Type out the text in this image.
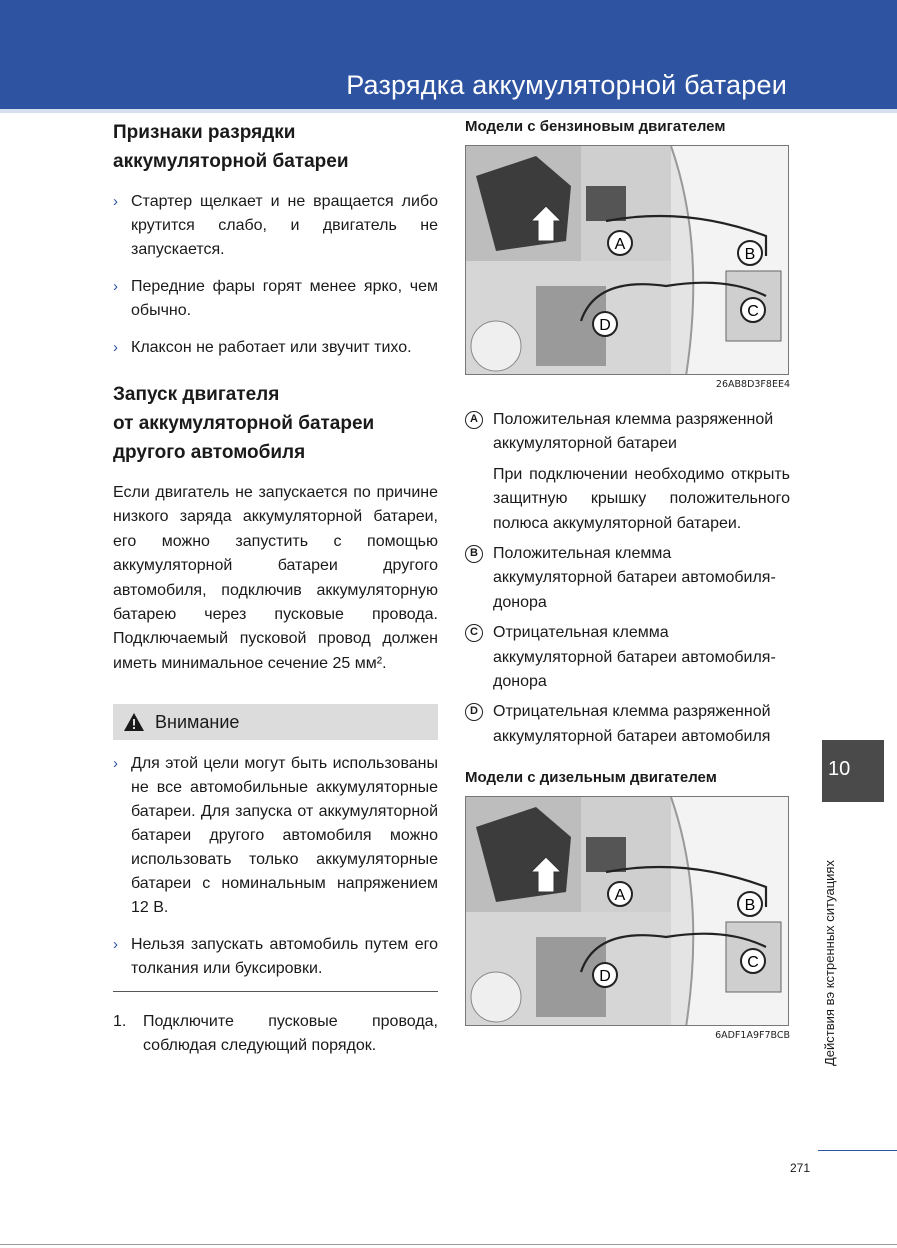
Разрядка аккумуляторной батареи
Признаки разрядки
аккумуляторной батареи
› Стартер щелкает и не вращается либо крутится слабо, и двигатель не запускается.
› Передние фары горят менее ярко, чем обычно.
› Клаксон не работает или звучит тихо.
Запуск двигателя
от аккумуляторной батареи
другого автомобиля

Если двигатель не запускается по причине низкого заряда аккумуляторной батареи, его можно запустить с помощью аккумуляторной батареи другого автомобиля, подключив аккумуляторную батарею через пусковые провода. Подключаемый пусковой провод должен иметь минимальное сечение 25 мм².

Внимание
› Для этой цели могут быть использованы не все автомобильные аккумуляторные батареи. Для запуска от аккумуляторной батареи другого автомобиля можно использовать только аккумуляторные батареи с номинальным напряжением 12 В.
› Нельзя запускать автомобиль путем его толкания или буксировки.
1. Подключите пусковые провода, соблюдая следующий порядок.
Модели с бензиновым двигателем
A
B
C
D
26AB8D3F8EE4
A Положительная клемма разряженной аккумуляторной батареи
При подключении необходимо открыть защитную крышку положительного полюса аккумуляторной батареи.
B Положительная клемма аккумуляторной батареи автомобиля-донора
C Отрицательная клемма аккумуляторной батареи автомобиля-донора
D Отрицательная клемма разряженной аккумуляторной батареи автомобиля
Модели с дизельным двигателем
A
B
C
D
6ADF1A9F7BCB
10
Действия вэ кстренных ситуациях
271
